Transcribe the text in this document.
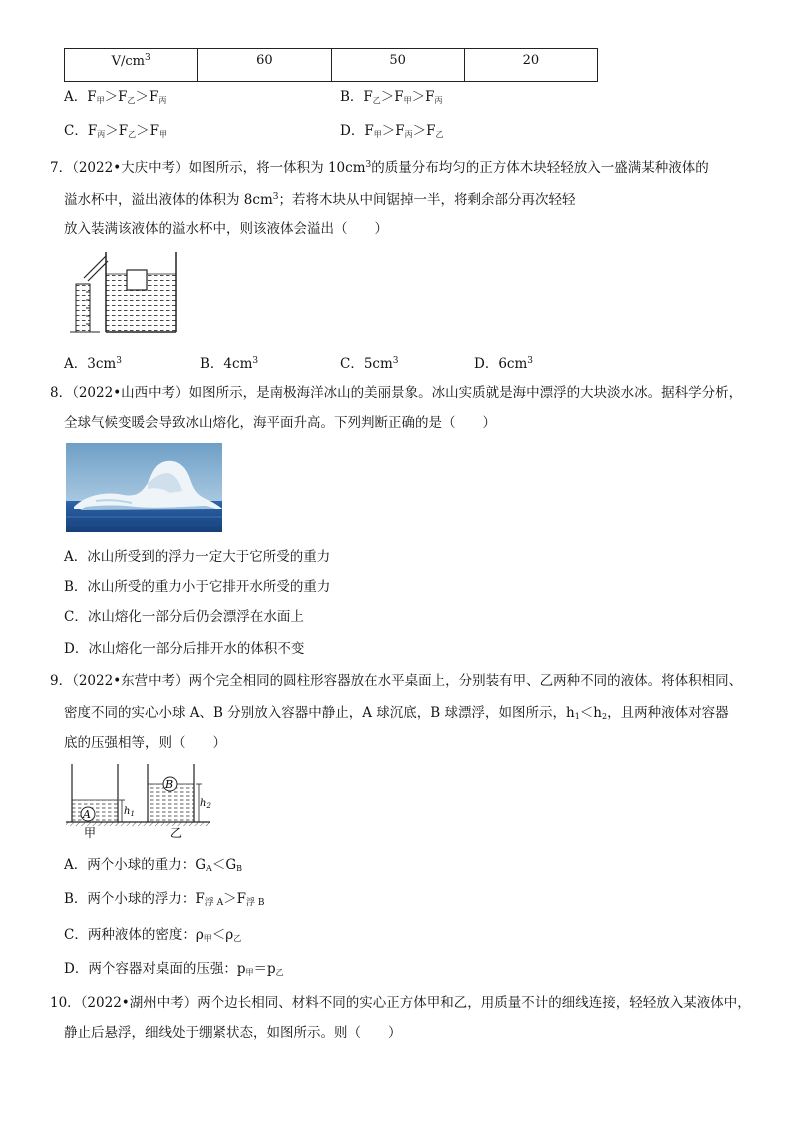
$V/cm^3$	60	50	20
A．$F_甲>F_乙>F_丙$	B．$F_乙>F_甲>F_丙$
C．$F_丙>F_乙>F_甲$	D．$F_甲>F_丙>F_乙$
7．（2022•大庆中考）如图所示，将一体积为 $10cm^3$的质量分布均匀的正方体木块轻轻放入一盛满某种液体的
溢水杯中，溢出液体的体积为 $8cm^3$；若将木块从中间锯掉一半，将剩余部分再次轻轻
放入装满该液体的溢水杯中，则该液体会溢出（　　）
A．$3cm^3$	B．$4cm^3$	C．$5cm^3$	D．$6cm^3$
8．（2022•山西中考）如图所示，是南极海洋冰山的美丽景象。冰山实质就是海中漂浮的大块淡水冰。据科学分析，
全球气候变暖会导致冰山熔化，海平面升高。下列判断正确的是（　　）
A．冰山所受到的浮力一定大于它所受的重力
B．冰山所受的重力小于它排开水所受的重力
C．冰山熔化一部分后仍会漂浮在水面上
D．冰山熔化一部分后排开水的体积不变
9．（2022•东营中考）两个完全相同的圆柱形容器放在水平桌面上，分别装有甲、乙两种不同的液体。将体积相同、
密度不同的实心小球 A、B 分别放入容器中静止，A 球沉底，B 球漂浮，如图所示，$h_1<h_2$，且两种液体对容器
底的压强相等，则（　　）
A	$h_1$
B
$h_2$
甲	乙
A．两个小球的重力：$G_A<G_B$
B．两个小球的浮力：$F_{浮 A}>F_{浮 B}$
C．两种液体的密度：$\rho_甲<\rho_乙$
D．两个容器对桌面的压强：$p_甲=p_乙$
10．（2022•湖州中考）两个边长相同、材料不同的实心正方体甲和乙，用质量不计的细线连接，轻轻放入某液体中，
静止后悬浮，细线处于绷紧状态，如图所示。则（　　）
